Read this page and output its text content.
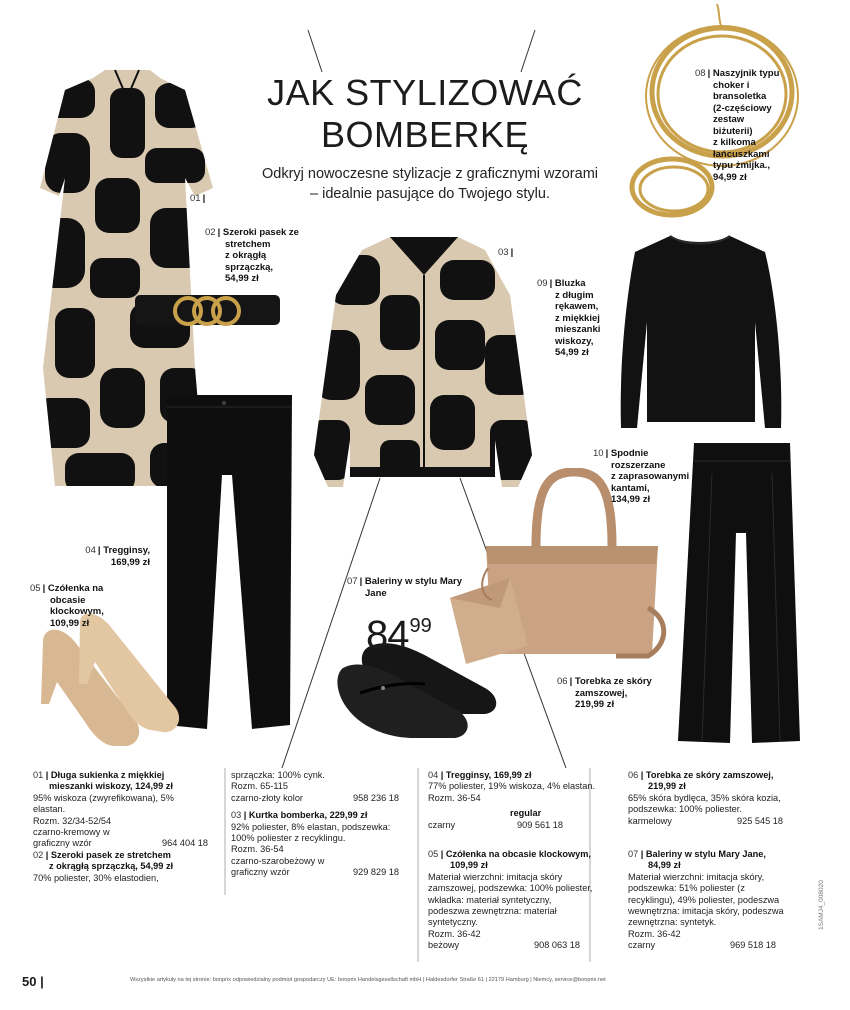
JAK STYLIZOWAĆ
BOMBERKĘ
Odkryj nowoczesne stylizacje z graficznymi wzorami
– idealnie pasujące do Twojego stylu.
01 |
02 | Szeroki pasek ze
stretchem
z okrągłą
sprzączką,
54,99 zł
03 |
04 | Tregginsy,
169,99 zł
05 | Czółenka na
obcasie
klockowym,
109,99 zł
06 | Torebka ze skóry
zamszowej,
219,99 zł
07 | Baleriny w stylu Mary
Jane
$84^{99}$
08 | Naszyjnik typu
choker i
bransoletka
(2-częściowy
zestaw
biżuterii)
z kilkoma
łańcuszkami
typu żmijka.,
94,99 zł
09 | Bluzka
z długim
rękawem,
z miękkiej
mieszanki
wiskozy,
54,99 zł
10 | Spodnie
rozszerzane
z zaprasowanymi
kantami,
134,99 zł
01 | Długa sukienka z miękkiej
mieszanki wiskozy, 124,99 zł
95% wiskoza (zwyrefikowana), 5%
elastan.
Rozm. 32/34-52/54
czarno-kremowy w
graficzny wzór	964 404 18
02 | Szeroki pasek ze stretchem
z okrągłą sprzączką, 54,99 zł
70% poliester, 30% elastodien,
sprzączka: 100% cynk.
Rozm. 65-115
czarno-złoty kolor	958 236 18
03 | Kurtka bomberka, 229,99 zł
92% poliester, 8% elastan, podszewka:
100% poliester z recyklingu.
Rozm. 36-54
czarno-szarobeżowy w
graficzny wzór	929 829 18
04 | Tregginsy, 169,99 zł
77% poliester, 19% wiskoza, 4% elastan.
Rozm. 36-54
regular
czarny	909 561 18
05 | Czółenka na obcasie klockowym,
109,99 zł
Materiał wierzchni: imitacja skóry
zamszowej, podszewka: 100% poliester,
wkładka: materiał syntetyczny,
podeszwa zewnętrzna: materiał
syntetyczny.
Rozm. 36-42
beżowy	908 063 18
06 | Torebka ze skóry zamszowej,
219,99 zł
65% skóra bydlęca, 35% skóra kozia,
podszewka: 100% poliester.
karmelowy	925 545 18
07 | Baleriny w stylu Mary Jane,
84,99 zł
Materiał wierzchni: imitacja skóry,
podszewka: 51% poliester (z
recyklingu), 49% poliester, podeszwa
wewnętrzna: imitacja skóry, podeszwa
zewnętrzna: syntetyk.
Rozm. 36-42
czarny	969 518 18
50 |	Wszystkie artykuły na tej stronie: bonprix odpowiedzialny podmiot gospodarczy UE: bonprix Handelsgesellschaft mbH | Haldesdorfer Straße 61 | 22179 Hamburg | Niemcy, service@bonprix.net
1SAMJ4_008020
